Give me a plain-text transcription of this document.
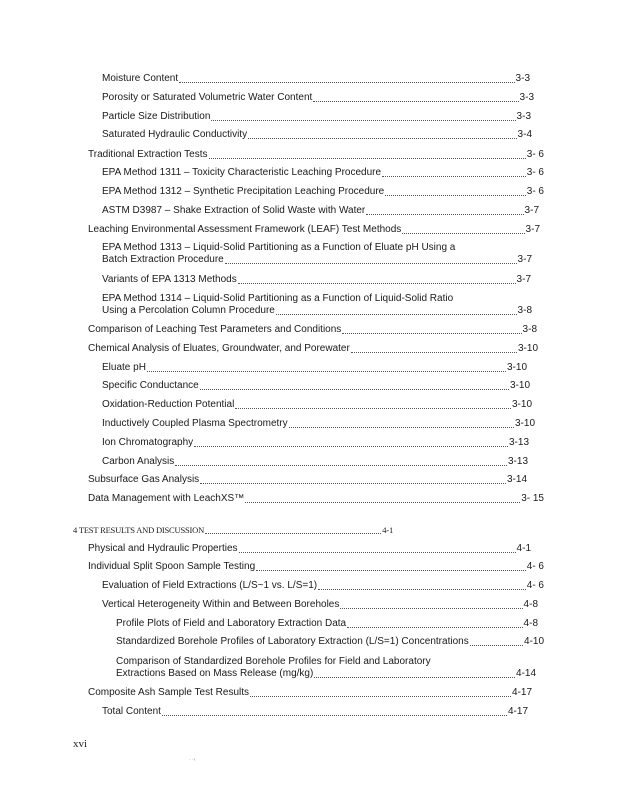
Moisture Content	3-3
Porosity or Saturated Volumetric Water Content	3-3
Particle Size Distribution	3-3
Saturated Hydraulic Conductivity	3-4
Traditional Extraction Tests	3- 6
EPA Method 1311 – Toxicity Characteristic Leaching Procedure	3- 6
EPA Method 1312 – Synthetic Precipitation Leaching Procedure	3- 6
ASTM D3987 – Shake Extraction of Solid Waste with Water	3-7
Leaching Environmental Assessment Framework (LEAF) Test Methods	3-7
EPA Method 1313 – Liquid-Solid Partitioning as a Function of Eluate pH Using a
Batch Extraction Procedure	3-7
Variants of EPA 1313 Methods	3-7
EPA Method 1314 – Liquid-Solid Partitioning as a Function of Liquid-Solid Ratio
Using a Percolation Column Procedure	3-8
Comparison of Leaching Test Parameters and Conditions	3-8
Chemical Analysis of Eluates, Groundwater, and Porewater	3-10
Eluate pH	3-10
Specific Conductance	3-10
Oxidation-Reduction Potential	3-10
Inductively Coupled Plasma Spectrometry	3-10
Ion Chromatography	3-13
Carbon Analysis	3-13
Subsurface Gas Analysis	3-14
Data Management with LeachXS™	3- 15
4 TEST RESULTS AND DISCUSSION	4-1
Physical and Hydraulic Properties	4-1
Individual Split Spoon Sample Testing	4- 6
Evaluation of Field Extractions (L/S~1 vs. L/S=1)	4- 6
Vertical Heterogeneity Within and Between Boreholes	4-8
Profile Plots of Field and Laboratory Extraction Data	4-8
Standardized Borehole Profiles of Laboratory Extraction (L/S=1) Concentrations	4-10
Comparison of Standardized Borehole Profiles for Field and Laboratory
Extractions Based on Mass Release (mg/kg)	4-14
Composite Ash Sample Test Results	4-17
Total Content	4-17
xvi
· ·‹
